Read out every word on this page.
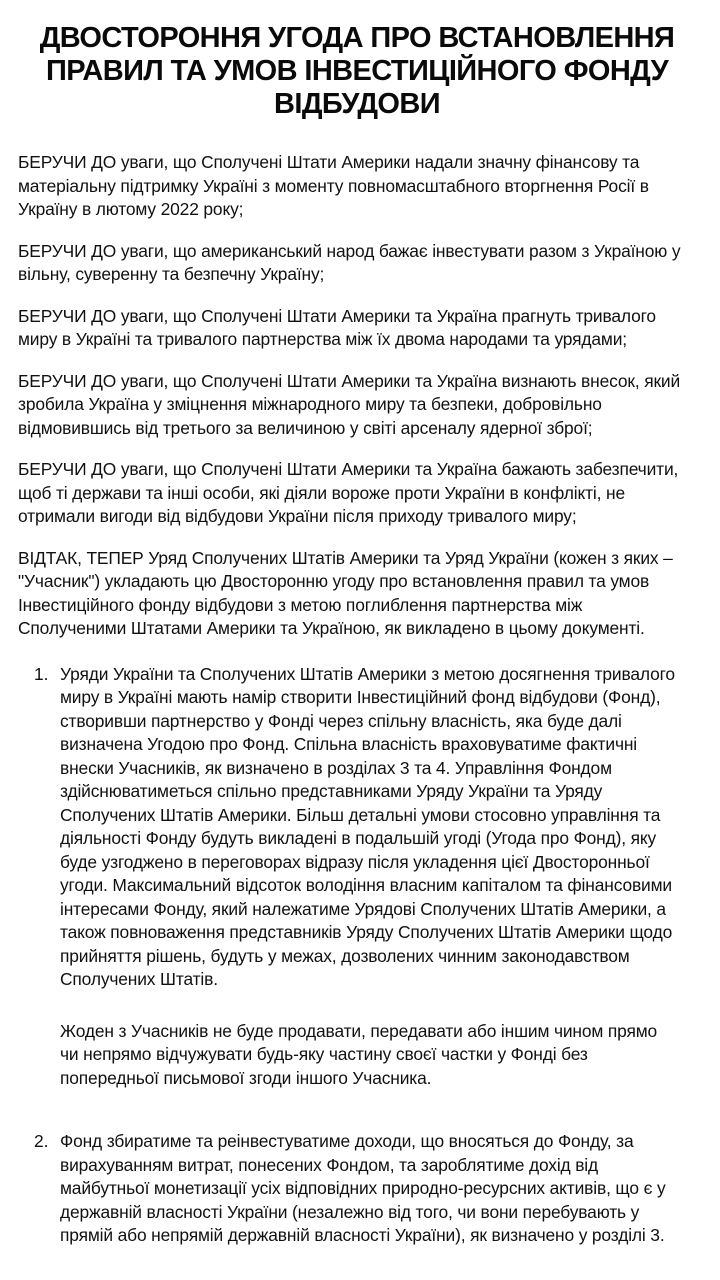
ДВОСТОРОННЯ УГОДА ПРО ВСТАНОВЛЕННЯ
ПРАВИЛ ТА УМОВ ІНВЕСТИЦІЙНОГО ФОНДУ
ВІДБУДОВИ
БЕРУЧИ ДО уваги, що Сполучені Штати Америки надали значну фінансову та
матеріальну підтримку Україні з моменту повномасштабного вторгнення Росії в
Україну в лютому 2022 року;
БЕРУЧИ ДО уваги, що американський народ бажає інвестувати разом з Україною у
вільну, суверенну та безпечну Україну;
БЕРУЧИ ДО уваги, що Сполучені Штати Америки та Україна прагнуть тривалого
миру в Україні та тривалого партнерства між їх двома народами та урядами;
БЕРУЧИ ДО уваги, що Сполучені Штати Америки та Україна визнають внесок, який
зробила Україна у зміцнення міжнародного миру та безпеки, добровільно
відмовившись від третього за величиною у світі арсеналу ядерної зброї;
БЕРУЧИ ДО уваги, що Сполучені Штати Америки та Україна бажають забезпечити,
щоб ті держави та інші особи, які діяли вороже проти України в конфлікті, не
отримали вигоди від відбудови України після приходу тривалого миру;
ВІДТАК, ТЕПЕР Уряд Сполучених Штатів Америки та Уряд України (кожен з яких –
"Учасник") укладають цю Двосторонню угоду про встановлення правил та умов
Інвестиційного фонду відбудови з метою поглиблення партнерства між
Сполученими Штатами Америки та Україною, як викладено в цьому документі.
1. Уряди України та Сполучених Штатів Америки з метою досягнення тривалого
миру в Україні мають намір створити Інвестиційний фонд відбудови (Фонд),
створивши партнерство у Фонді через спільну власність, яка буде далі
визначена Угодою про Фонд. Спільна власність враховуватиме фактичні
внески Учасників, як визначено в розділах 3 та 4. Управління Фондом
здійснюватиметься спільно представниками Уряду України та Уряду
Сполучених Штатів Америки. Більш детальні умови стосовно управління та
діяльності Фонду будуть викладені в подальшій угоді (Угода про Фонд), яку
буде узгоджено в переговорах відразу після укладення цієї Двосторонньої
угоди. Максимальний відсоток володіння власним капіталом та фінансовими
інтересами Фонду, який належатиме Урядові Сполучених Штатів Америки, а
також повноваження представників Уряду Сполучених Штатів Америки щодо
прийняття рішень, будуть у межах, дозволених чинним законодавством
Сполучених Штатів.
Жоден з Учасників не буде продавати, передавати або іншим чином прямо
чи непрямо відчужувати будь-яку частину своєї частки у Фонді без
попередньої письмової згоди іншого Учасника.
2. Фонд збиратиме та реінвестуватиме доходи, що вносяться до Фонду, за
вирахуванням витрат, понесених Фондом, та зароблятиме дохід від
майбутньої монетизації усіх відповідних природно-ресурсних активів, що є у
державній власності України (незалежно від того, чи вони перебувають у
прямій або непрямій державній власності України), як визначено у розділі 3.
